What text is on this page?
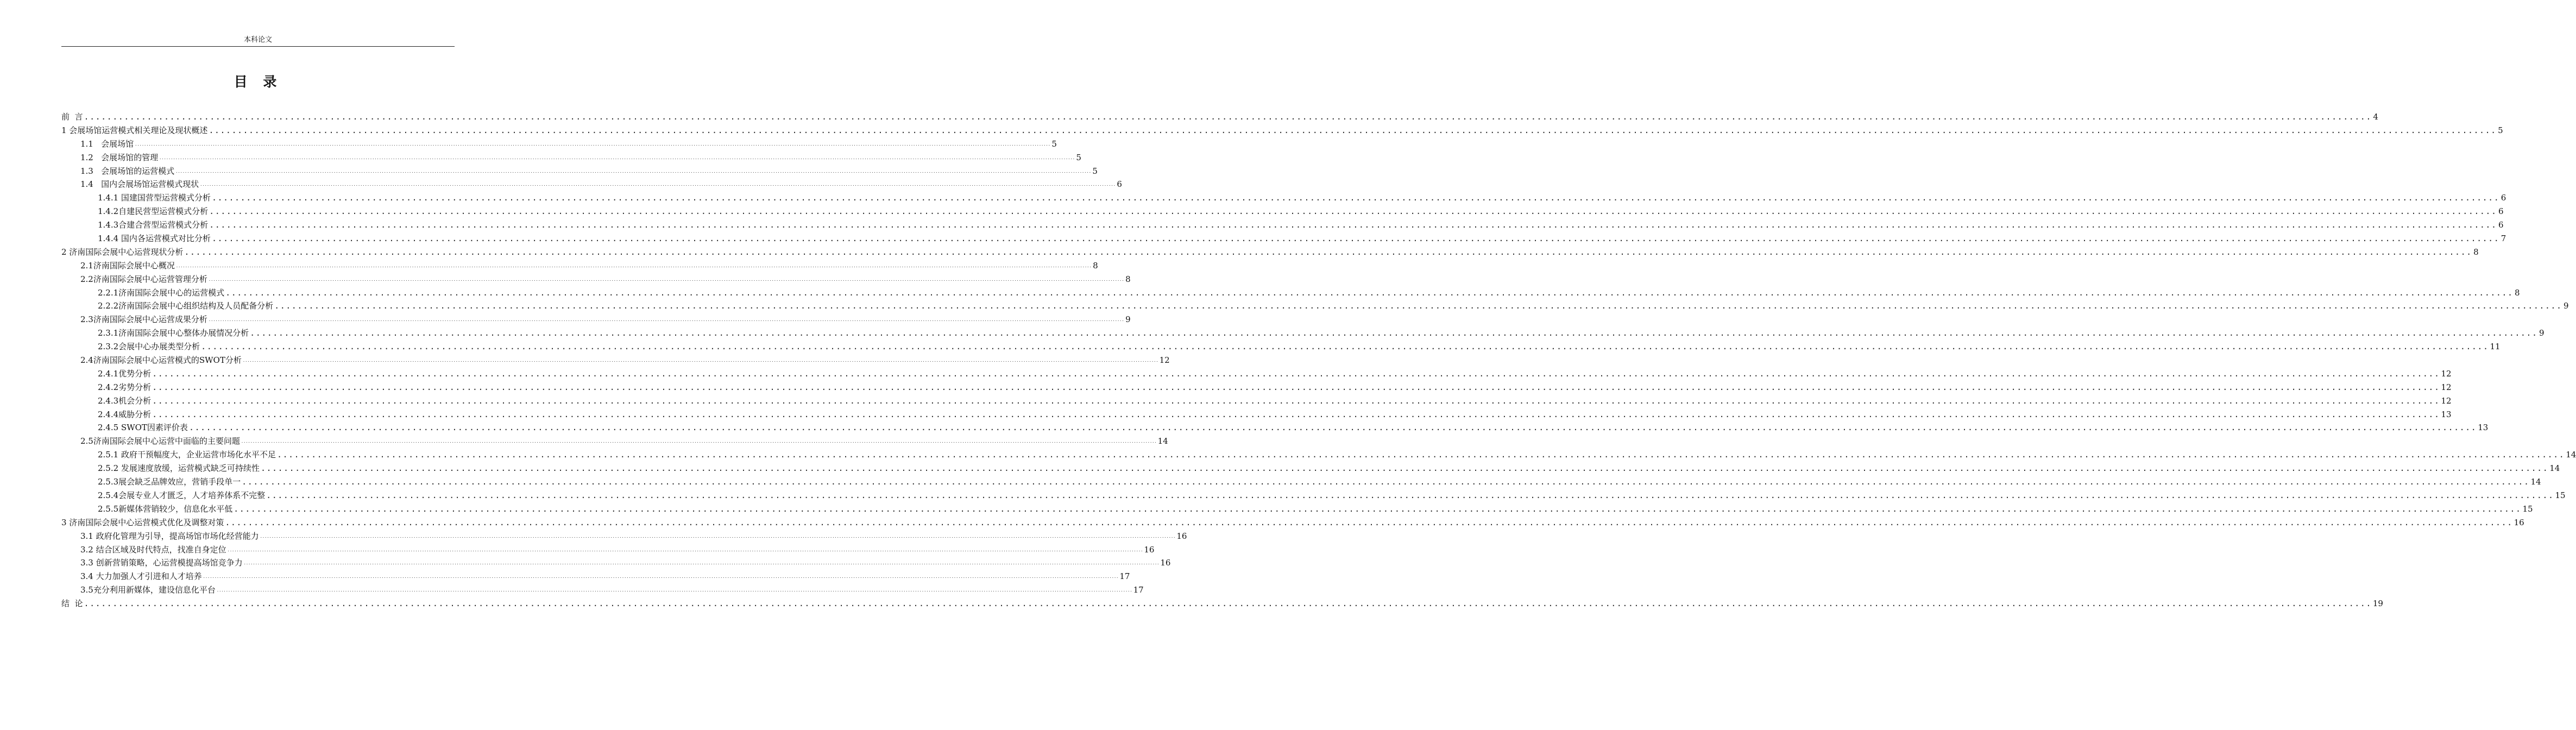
本科论文
目 录
前  言 ................................................................................................................................................................................................................................................................................................................................................................................................................ 4
1 会展场馆运营模式相关理论及现状概述 ................................................................................................................................................................................................................................................................................................................................................................................................................ 5
1.1   会展场馆 ................................................................................................................................................................................................................................................................................................................................................................................................................ 5
1.2   会展场馆的管理 ................................................................................................................................................................................................................................................................................................................................................................................................................ 5
1.3   会展场馆的运营模式 ................................................................................................................................................................................................................................................................................................................................................................................................................ 5
1.4   国内会展场馆运营模式现状 ................................................................................................................................................................................................................................................................................................................................................................................................................ 6
1.4.1 国建国营型运营模式分析 ................................................................................................................................................................................................................................................................................................................................................................................................................ 6
1.4.2自建民营型运营模式分析 ................................................................................................................................................................................................................................................................................................................................................................................................................ 6
1.4.3合建合营型运营模式分析 ................................................................................................................................................................................................................................................................................................................................................................................................................ 6
1.4.4 国内各运营模式对比分析 ................................................................................................................................................................................................................................................................................................................................................................................................................ 7
2 济南国际会展中心运营现状分析 ................................................................................................................................................................................................................................................................................................................................................................................................................ 8
2.1济南国际会展中心概况 ................................................................................................................................................................................................................................................................................................................................................................................................................ 8
2.2济南国际会展中心运营管理分析 ................................................................................................................................................................................................................................................................................................................................................................................................................ 8
2.2.1济南国际会展中心的运营模式 ................................................................................................................................................................................................................................................................................................................................................................................................................ 8
2.2.2济南国际会展中心组织结构及人员配备分析 ................................................................................................................................................................................................................................................................................................................................................................................................................ 9
2.3济南国际会展中心运营成果分析 ................................................................................................................................................................................................................................................................................................................................................................................................................ 9
2.3.1济南国际会展中心整体办展情况分析 ................................................................................................................................................................................................................................................................................................................................................................................................................ 9
2.3.2会展中心办展类型分析 ................................................................................................................................................................................................................................................................................................................................................................................................................ 11
2.4济南国际会展中心运营模式的SWOT分析 ................................................................................................................................................................................................................................................................................................................................................................................................................ 12
2.4.1优势分析 ................................................................................................................................................................................................................................................................................................................................................................................................................ 12
2.4.2劣势分析 ................................................................................................................................................................................................................................................................................................................................................................................................................ 12
2.4.3机会分析 ................................................................................................................................................................................................................................................................................................................................................................................................................ 12
2.4.4威胁分析 ................................................................................................................................................................................................................................................................................................................................................................................................................ 13
2.4.5 SWOT因素评价表 ................................................................................................................................................................................................................................................................................................................................................................................................................ 13
2.5济南国际会展中心运营中面临的主要问题 ................................................................................................................................................................................................................................................................................................................................................................................................................ 14
2.5.1 政府干预幅度大，企业运营市场化水平不足 ................................................................................................................................................................................................................................................................................................................................................................................................................ 14
2.5.2 发展速度放缓，运营模式缺乏可持续性 ................................................................................................................................................................................................................................................................................................................................................................................................................ 14
2.5.3展会缺乏品牌效应，营销手段单一 ................................................................................................................................................................................................................................................................................................................................................................................................................ 14
2.5.4会展专业人才匮乏，人才培养体系不完整 ................................................................................................................................................................................................................................................................................................................................................................................................................ 15
2.5.5新媒体营销较少，信息化水平低 ................................................................................................................................................................................................................................................................................................................................................................................................................ 15
3 济南国际会展中心运营模式优化及调整对策 ................................................................................................................................................................................................................................................................................................................................................................................................................ 16
3.1 政府化管理为引导，提高场馆市场化经营能力 ................................................................................................................................................................................................................................................................................................................................................................................................................ 16
3.2 结合区域及时代特点，找准自身定位 ................................................................................................................................................................................................................................................................................................................................................................................................................ 16
3.3 创新营销策略，心运营模提高场馆竞争力 ................................................................................................................................................................................................................................................................................................................................................................................................................ 16
3.4 大力加强人才引进和人才培养 ................................................................................................................................................................................................................................................................................................................................................................................................................ 17
3.5充分利用新媒体，建设信息化平台 ................................................................................................................................................................................................................................................................................................................................................................................................................ 17
结  论 ................................................................................................................................................................................................................................................................................................................................................................................................................ 19
